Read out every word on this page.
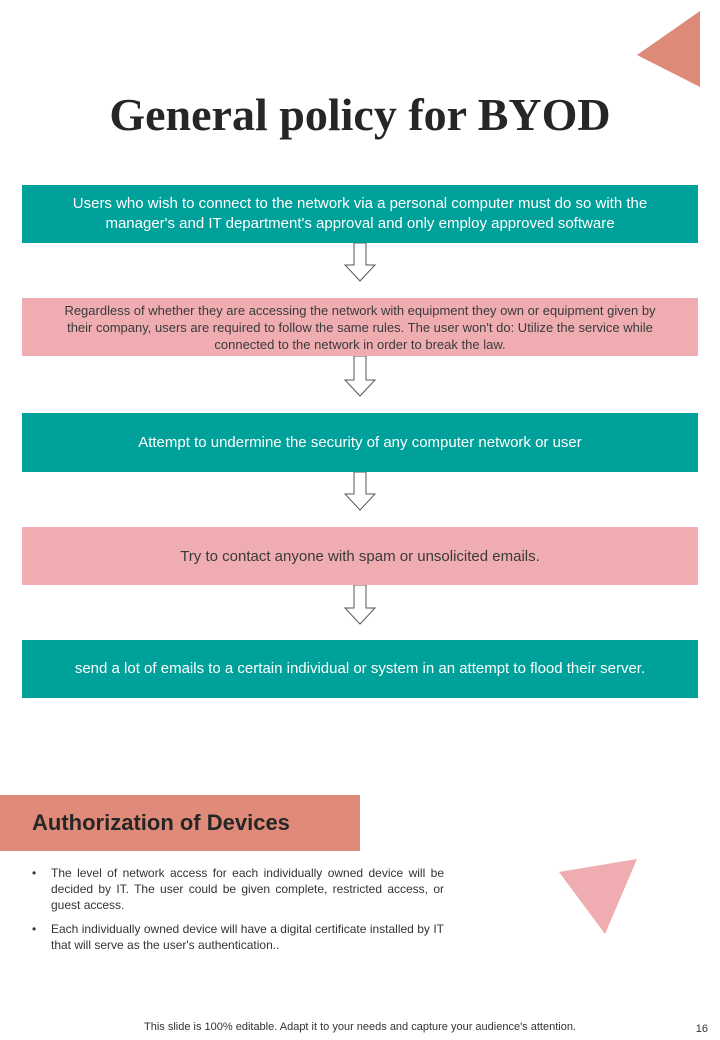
General policy for BYOD
Users who wish to connect to the network via a personal computer must do so with the manager's and IT department's approval and only employ approved software
Regardless of whether they are accessing the network with equipment they own or equipment given by their company, users are required to follow the same rules. The user won't do: Utilize the service while connected to the network in order to break the law.
Attempt to undermine the security of any computer network or user
Try to contact anyone with spam or unsolicited emails.
send a lot of emails to a certain individual or system in an attempt to flood their server.
Authorization of Devices
• The level of network access for each individually owned device will be decided by IT. The user could be given complete, restricted access, or guest access.
• Each individually owned device will have a digital certificate installed by IT that will serve as the user's authentication..
This slide is 100% editable. Adapt it to your needs and capture your audience's attention.	16
